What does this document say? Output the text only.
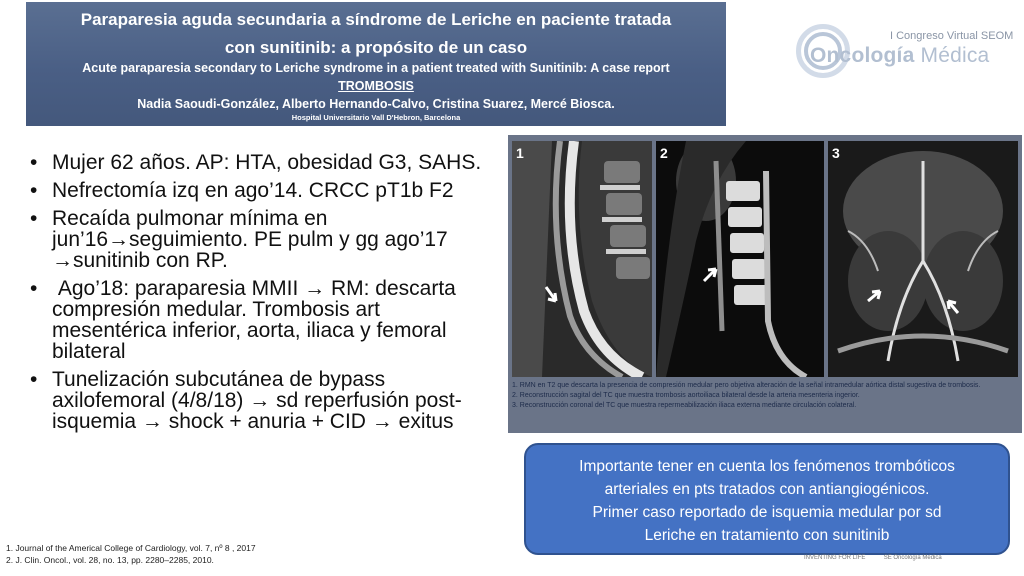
Paraparesia aguda secundaria a síndrome de Leriche en paciente tratada
con sunitinib: a propósito de un caso
Acute paraparesia secondary to Leriche syndrome in a patient treated with Sunitinib: A case report
TROMBOSIS
Nadia Saoudi-González, Alberto Hernando-Calvo, Cristina Suarez, Mercé Biosca.
Hospital Universitario Vall D'Hebron, Barcelona
I Congreso Virtual SEOM
Oncología Médica
• Mujer 62 años. AP: HTA, obesidad G3, SAHS.
• Nefrectomía izq en ago’14. CRCC pT1b F2
• Recaída pulmonar mínima en jun’16→seguimiento. PE pulm y gg ago’17 →sunitinib con RP.
• Ago’18: paraparesia MMII → RM: descarta compresión medular. Trombosis art mesentérica inferior, aorta, iliaca y femoral bilateral
• Tunelización subcutánea de bypass axilofemoral (4/8/18) → sd reperfusión post-isquemia → shock + anuria + CID → exitus
1	2	3
1. RMN en T2 que descarta la presencia de compresión medular pero objetiva alteración de la señal intramedular aórtica distal sugestiva de trombosis.
2. Reconstrucción sagital del TC que muestra trombosis aortoiliaca bilateral desde la arteria mesenteria ingerior.
3. Reconstrucción coronal del TC que muestra repermeabilización iliaca externa mediante circulación colateral.
Importante tener en cuenta los fenómenos trombóticos
arteriales en pts tratados con antiangiogénicos.
Primer caso reportado de isquemia medular por sd
Leriche en tratamiento con sunitinib
1. Journal of the Americal College of Cardiology, vol. 7, nº 8 , 2017
2. J. Clin. Oncol., vol. 28, no. 13, pp. 2280–2285, 2010.	INVENTING FOR LIFE	SE Oncología Médica
